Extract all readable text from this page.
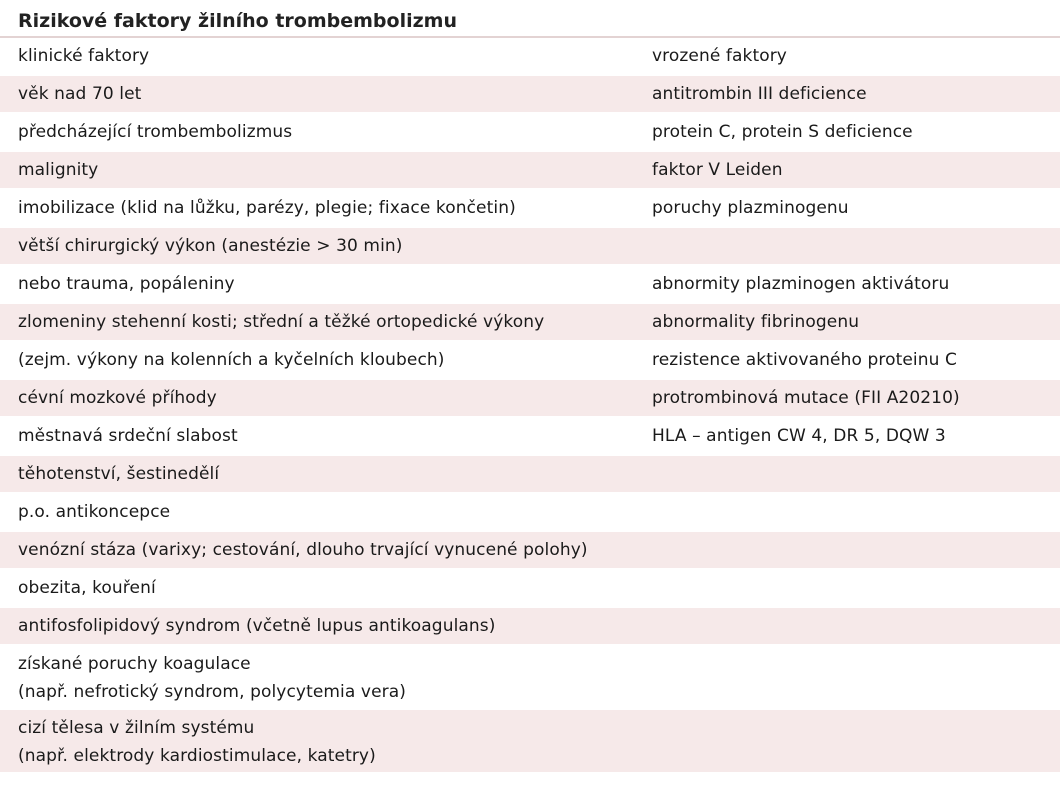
Rizikové faktory žilního trombembolizmu
klinické faktory	vrozené faktory
věk nad 70 let	antitrombin III deficience
předcházející trombembolizmus	protein C, protein S deficience
malignity	faktor V Leiden
imobilizace (klid na lůžku, parézy, plegie; fixace končetin)	poruchy plazminogenu
větší chirurgický výkon (anestézie > 30 min)
nebo trauma, popáleniny	abnormity plazminogen aktivátoru
zlomeniny stehenní kosti; střední a těžké ortopedické výkony	abnormality fibrinogenu
(zejm. výkony na kolenních a kyčelních kloubech)	rezistence aktivovaného proteinu C
cévní mozkové příhody	protrombinová mutace (FII A20210)
městnavá srdeční slabost	HLA – antigen CW 4, DR 5, DQW 3
těhotenství, šestinedělí
p.o. antikoncepce
venózní stáza (varixy; cestování, dlouho trvající vynucené polohy)
obezita, kouření
antifosfolipidový syndrom (včetně lupus antikoagulans)
získané poruchy koagulace
(např. nefrotický syndrom, polycytemia vera)
cizí tělesa v žilním systému
(např. elektrody kardiostimulace, katetry)
